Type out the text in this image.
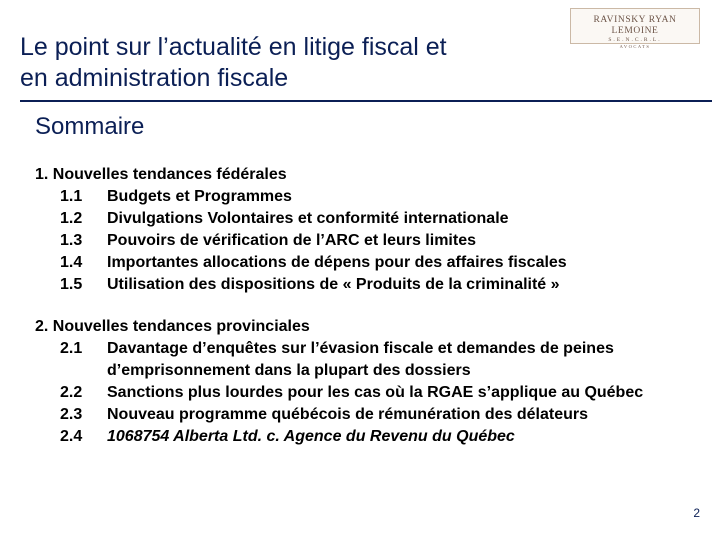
Le point sur l’actualité en litige fiscal et
en administration fiscale
RAVINSKY RYAN LEMOINE
S.E.N.C.R.L.
AVOCATS
Sommaire
1. Nouvelles tendances fédérales
1.1	Budgets et Programmes
1.2	Divulgations Volontaires et conformité internationale
1.3	Pouvoirs de vérification de l’ARC et leurs limites
1.4	Importantes allocations de dépens pour des affaires fiscales
1.5	Utilisation des dispositions de « Produits de la criminalité »
2. Nouvelles tendances provinciales
2.1	Davantage d’enquêtes sur l’évasion fiscale et demandes de peines d’emprisonnement dans la plupart des dossiers
2.2	Sanctions plus lourdes pour les cas où la RGAE s’applique au Québec
2.3	Nouveau programme québécois de rémunération des délateurs
2.4	1068754 Alberta Ltd. c. Agence du Revenu du Québec
2
